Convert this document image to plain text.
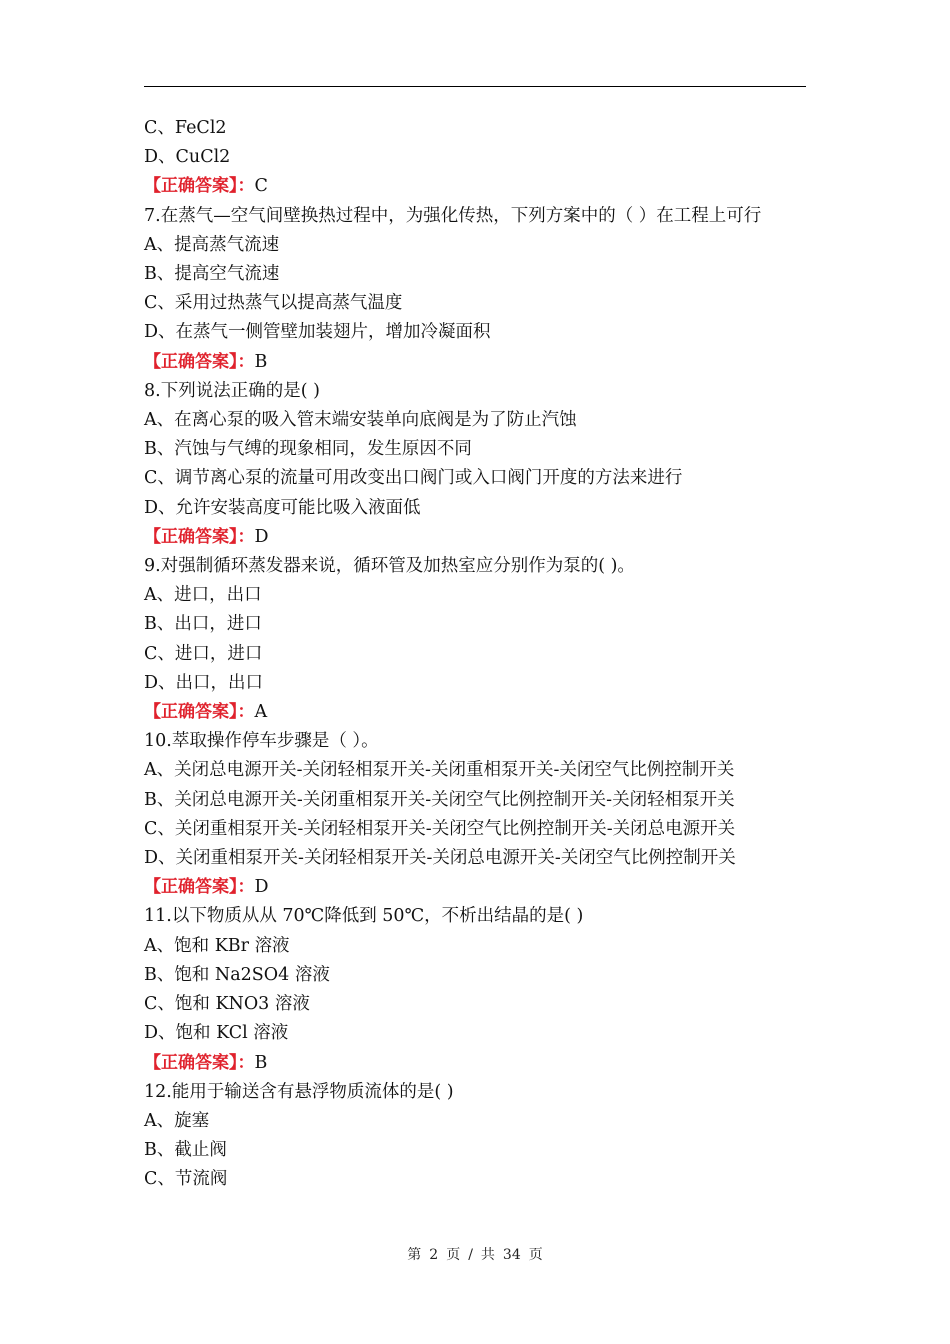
C、FeCl2
D、CuCl2
【正确答案】：C
7.在蒸气—空气间壁换热过程中，为强化传热，下列方案中的（ ）在工程上可行
A、提高蒸气流速
B、提高空气流速
C、采用过热蒸气以提高蒸气温度
D、在蒸气一侧管壁加装翅片，增加冷凝面积
【正确答案】：B
8.下列说法正确的是( )
A、在离心泵的吸入管末端安装单向底阀是为了防止汽蚀
B、汽蚀与气缚的现象相同，发生原因不同
C、调节离心泵的流量可用改变出口阀门或入口阀门开度的方法来进行
D、允许安装高度可能比吸入液面低
【正确答案】：D
9.对强制循环蒸发器来说，循环管及加热室应分别作为泵的( )。
A、进口，出口
B、出口，进口
C、进口，进口
D、出口，出口
【正确答案】：A
10.萃取操作停车步骤是（ ）。
A、关闭总电源开关-关闭轻相泵开关-关闭重相泵开关-关闭空气比例控制开关
B、关闭总电源开关-关闭重相泵开关-关闭空气比例控制开关-关闭轻相泵开关
C、关闭重相泵开关-关闭轻相泵开关-关闭空气比例控制开关-关闭总电源开关
D、关闭重相泵开关-关闭轻相泵开关-关闭总电源开关-关闭空气比例控制开关
【正确答案】：D
11.以下物质从从 70℃降低到 50℃，不析出结晶的是( )
A、饱和 KBr 溶液
B、饱和 Na2SO4 溶液
C、饱和 KNO3 溶液
D、饱和 KCl 溶液
【正确答案】：B
12.能用于输送含有悬浮物质流体的是( )
A、旋塞
B、截止阀
C、节流阀
第 2 页 / 共 34 页
